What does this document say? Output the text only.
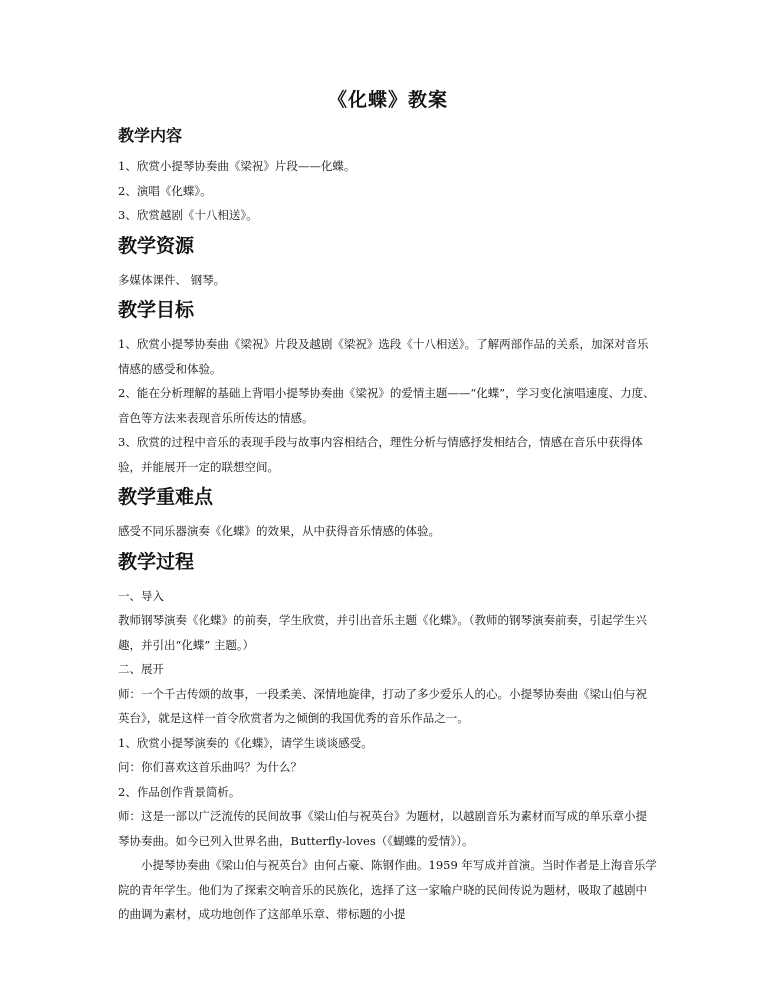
《化蝶》教案
教学内容

1、欣赏小提琴协奏曲《梁祝》片段——化蝶。

2、演唱《化蝶》。

3、欣赏越剧《十八相送》。

教学资源

多媒体课件、 钢琴。

教学目标

1、欣赏小提琴协奏曲《梁祝》片段及越剧《梁祝》选段《十八相送》。了解两部作品的关系，加深对音乐情感的感受和体验。

2、能在分析理解的基础上背唱小提琴协奏曲《梁祝》的爱情主题——“化蝶”，学习变化演唱速度、力度、音色等方法来表现音乐所传达的情感。

3、欣赏的过程中音乐的表现手段与故事内容相结合，理性分析与情感抒发相结合，情感在音乐中获得体验，并能展开一定的联想空间。

教学重难点

感受不同乐器演奏《化蝶》的效果，从中获得音乐情感的体验。

教学过程

一、导入

教师钢琴演奏《化蝶》的前奏，学生欣赏，并引出音乐主题《化蝶》。（教师的钢琴演奏前奏，引起学生兴趣，并引出“化蝶” 主题。）

二、展开

师：一个千古传颂的故事，一段柔美、深情地旋律，打动了多少爱乐人的心。小提琴协奏曲《梁山伯与祝英台》，就是这样一首令欣赏者为之倾倒的我国优秀的音乐作品之一。

1、欣赏小提琴演奏的《化蝶》，请学生谈谈感受。

问：你们喜欢这首乐曲吗？为什么？

2、作品创作背景简析。

师：这是一部以广泛流传的民间故事《梁山伯与祝英台》为题材，以越剧音乐为素材而写成的单乐章小提琴协奏曲。如今已列入世界名曲，Butterfly-loves（《蝴蝶的爱情》）。

小提琴协奏曲《梁山伯与祝英台》由何占豪、陈钢作曲。1959 年写成并首演。当时作者是上海音乐学院的青年学生。他们为了探索交响音乐的民族化，选择了这一家喻户晓的民间传说为题材，吸取了越剧中的曲调为素材，成功地创作了这部单乐章、带标题的小提
